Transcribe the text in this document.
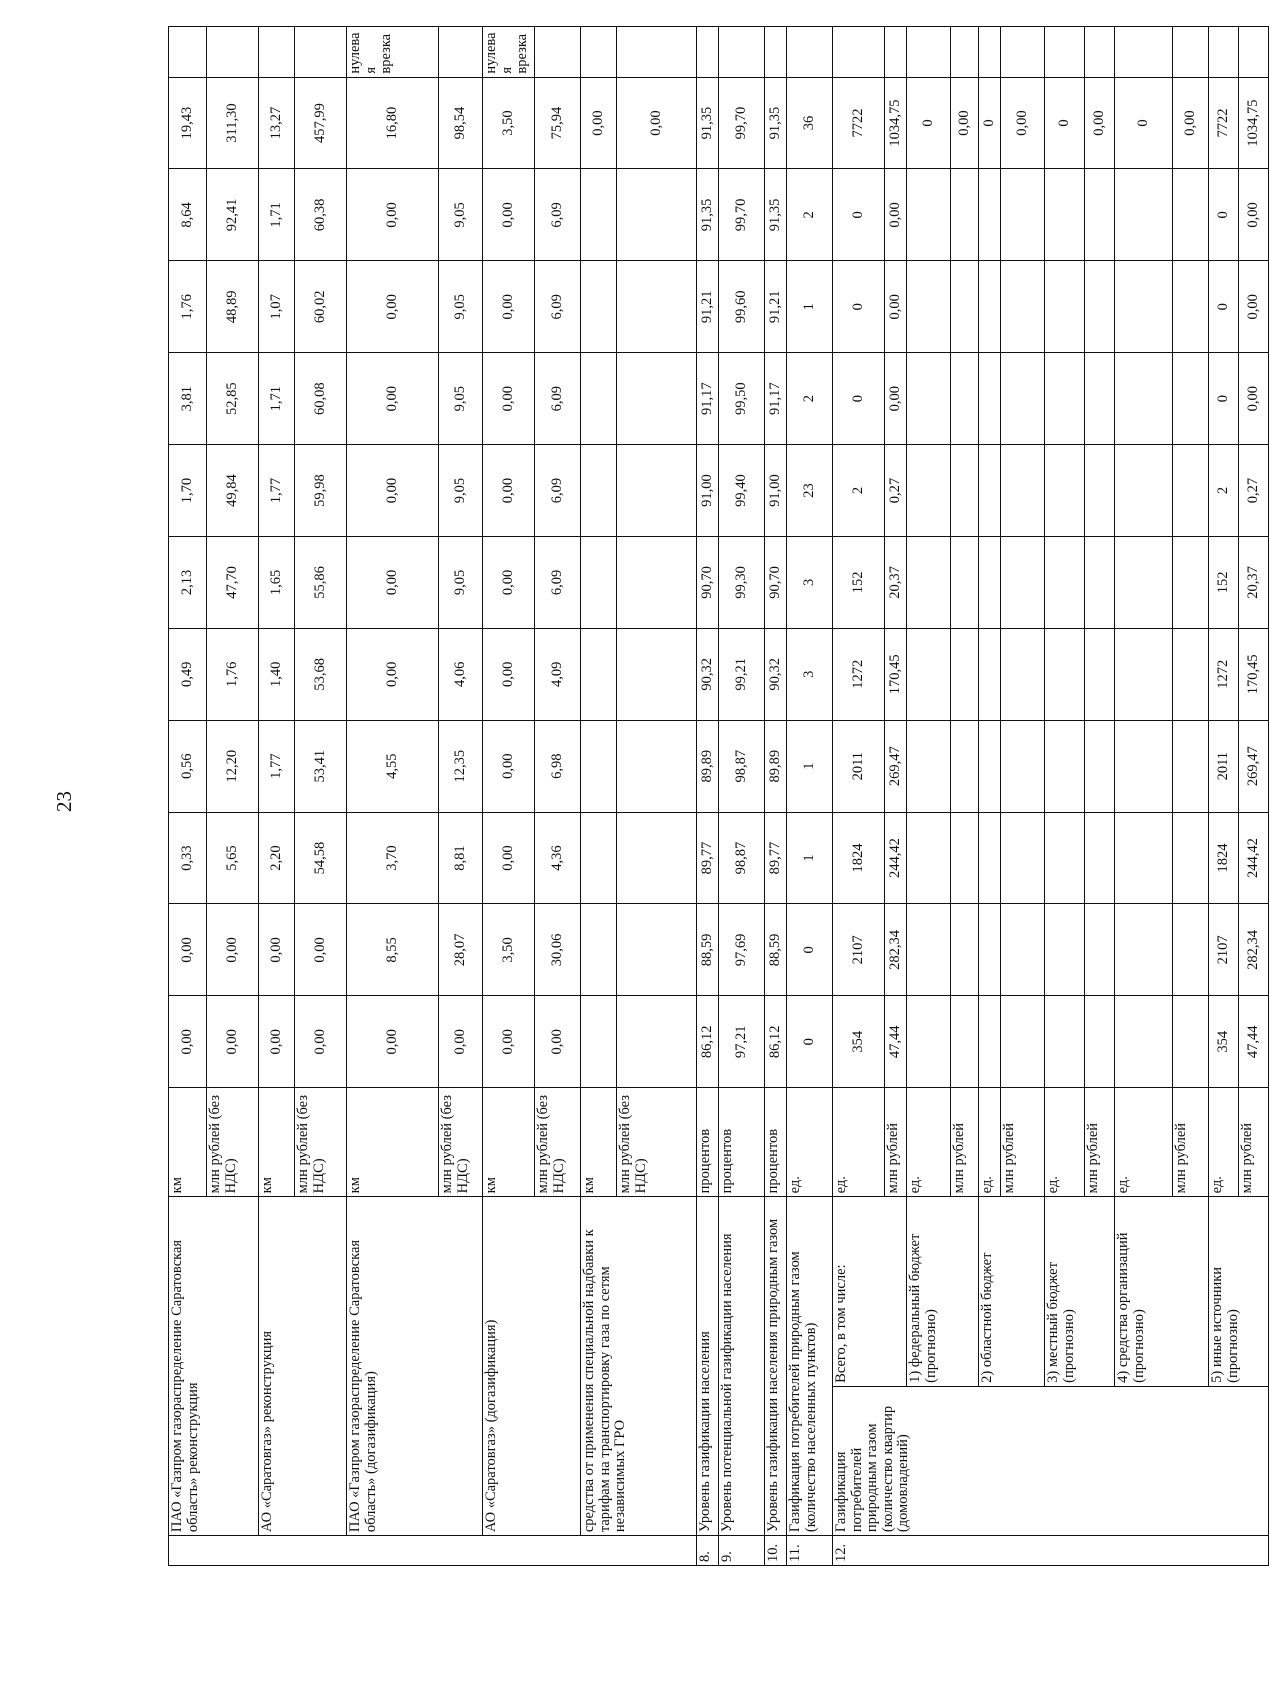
23
	ПАО «Газпром газораспределение Саратовская область» реконструкция		км	0,00	0,00	0,33	0,56	0,49	2,13	1,70	3,81	1,76	8,64	19,43	
			млн рублей (без НДС)	0,00	0,00	5,65	12,20	1,76	47,70	49,84	52,85	48,89	92,41	311,30	
	АО «Саратовгаз» реконструкция		км	0,00	0,00	2,20	1,77	1,40	1,65	1,77	1,71	1,07	1,71	13,27	
			млн рублей (без НДС)	0,00	0,00	54,58	53,41	53,68	55,86	59,98	60,08	60,02	60,38	457,99	
	ПАО «Газпром газораспределение Саратовская область» (догазификация)		км	0,00	8,55	3,70	4,55	0,00	0,00	0,00	0,00	0,00	0,00	16,80	нулевая врезка
			млн рублей (без НДС)	0,00	28,07	8,81	12,35	4,06	9,05	9,05	9,05	9,05	9,05	98,54	
	АО «Саратовгаз» (догазификация)		км	0,00	3,50	0,00	0,00	0,00	0,00	0,00	0,00	0,00	0,00	3,50	нулевая врезка
			млн рублей (без НДС)	0,00	30,06	4,36	6,98	4,09	6,09	6,09	6,09	6,09	6,09	75,94	
	средства от применения специальной надбавки к тарифам на транспортировку газа по сетям независимых ГРО		км											0,00	
			млн рублей (без НДС)											0,00	
8.	Уровень газификации населения		процентов	86,12	88,59	89,77	89,89	90,32	90,70	91,00	91,17	91,21	91,35	91,35	
9.	Уровень потенциальной газификации населения		процентов	97,21	97,69	98,87	98,87	99,21	99,30	99,40	99,50	99,60	99,70	99,70	
10.	Уровень газификации населения природным газом		процентов	86,12	88,59	89,77	89,89	90,32	90,70	91,00	91,17	91,21	91,35	91,35	
11.	Газификация потребителей природным газом (количество населенных пунктов)		ед.	0	0	1	1	3	3	23	2	1	2	36	
12.	Газификация потребителей природным газом (количество квартир (домовладений)	Всего, в том числе:	ед.	354	2107	1824	2011	1272	152	2	0	0	0	7722	
			млн рублей	47,44	282,34	244,42	269,47	170,45	20,37	0,27	0,00	0,00	0,00	1034,75	
		1) федеральный бюджет (прогнозно)	ед.											0	
			млн рублей											0,00	
		2) областной бюджет	ед.											0	
			млн рублей											0,00	
		3) местный бюджет (прогнозно)	ед.											0	
			млн рублей											0,00	
		4) средства организаций (прогнозно)	ед.											0	
			млн рублей											0,00	
		5) иные источники (прогнозно)	ед.	354	2107	1824	2011	1272	152	2	0	0	0	7722	
			млн рублей	47,44	282,34	244,42	269,47	170,45	20,37	0,27	0,00	0,00	0,00	1034,75	
